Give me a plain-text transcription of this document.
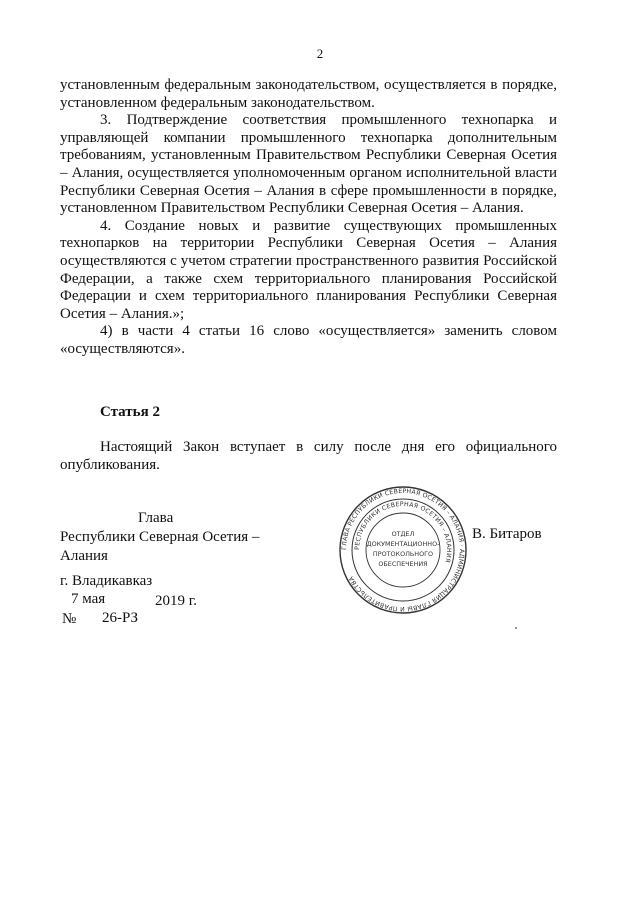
2

установленным федеральным законодательством, осуществляется в порядке, установленном федеральным законодательством.

3. Подтверждение соответствия промышленного технопарка и управляющей компании промышленного технопарка дополнительным требованиям, установленным Правительством Республики Северная Осетия – Алания, осуществляется уполномоченным органом исполнительной власти Республики Северная Осетия – Алания в сфере промышленности в порядке, установленном Правительством Республики Северная Осетия – Алания.

4. Создание новых и развитие существующих промышленных технопарков на территории Республики Северная Осетия – Алания осуществляются с учетом стратегии пространственного развития Российской Федерации, а также схем территориального планирования Российской Федерации и схем территориального планирования Республики Северная Осетия – Алания.»;

4) в части 4 статьи 16 слово «осуществляется» заменить словом «осуществляются».

Статья 2

Настоящий Закон вступает в силу после дня его официального опубликования.

Глава
Республики Северная Осетия – Алания	ГЛАВА РЕСПУБЛИКИ СЕВЕРНАЯ ОСЕТИЯ – АЛАНИЯ · АДМИНИСТРАЦИЯ ГЛАВЫ И ПРАВИТЕЛЬСТВА
РЕСПУБЛИКИ СЕВЕРНАЯ ОСЕТИЯ – АЛАНИЯ
ОТДЕЛ
ДОКУМЕНТАЦИОННО-
ПРОТОКОЛЬНОГО
ОБЕСПЕЧЕНИЯ
В. Битаров
г. Владикавказ
7 мая	2019 г.
№ 26-РЗ
